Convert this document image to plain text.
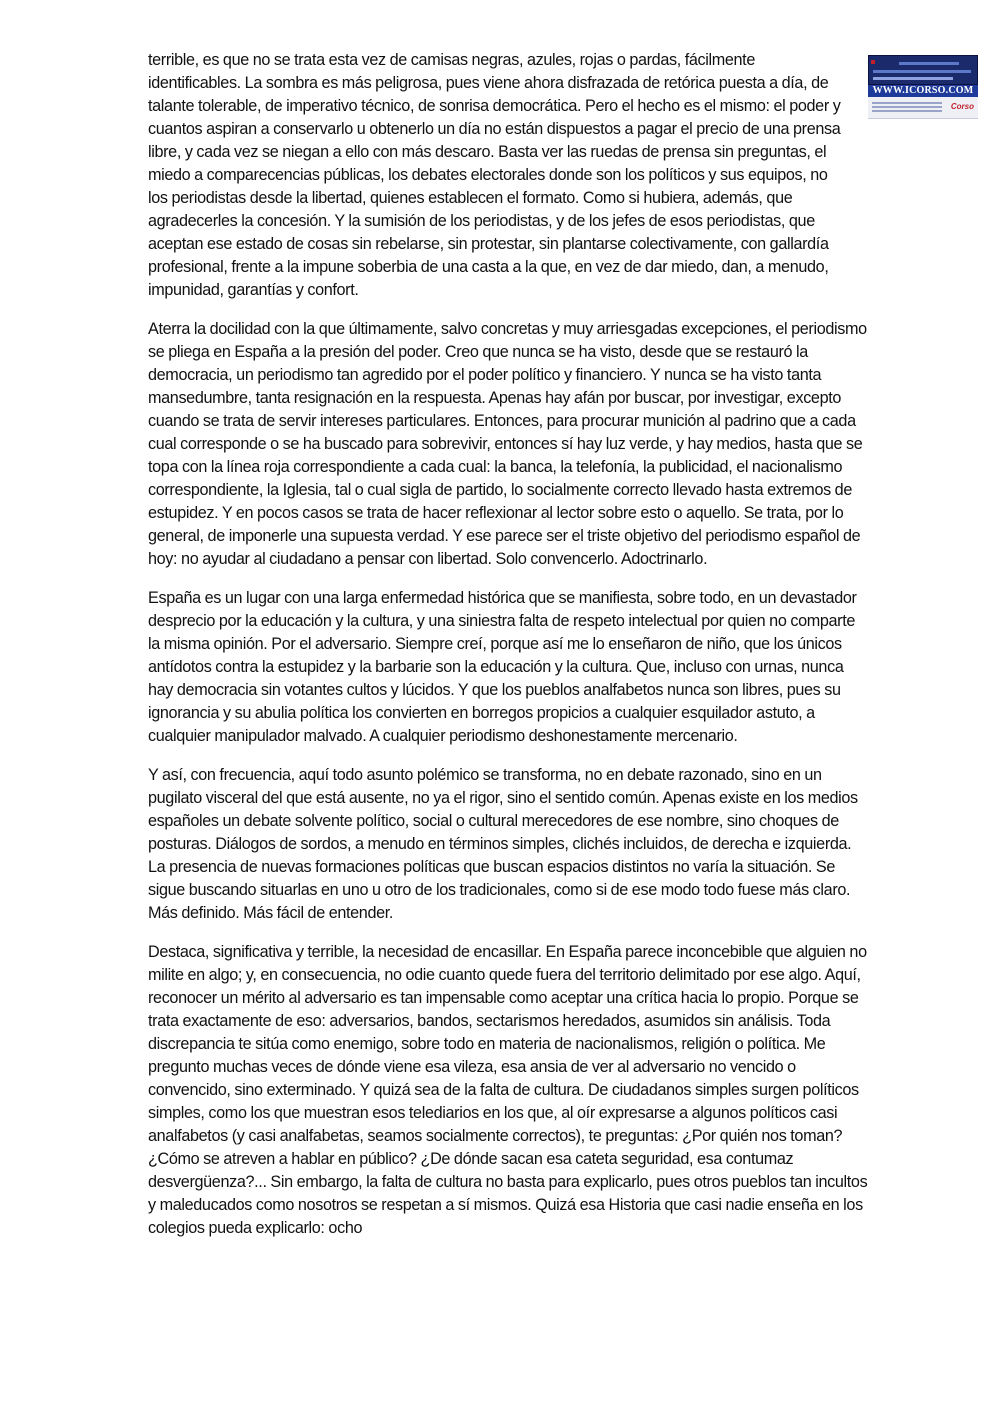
WWW.ICORSO.COM
Corso

terrible, es que no se trata esta vez de camisas negras, azules, rojas o pardas, fácilmente identificables. La sombra es más peligrosa, pues viene ahora disfrazada de retórica puesta a día, de talante tolerable, de imperativo técnico, de sonrisa democrática. Pero el hecho es el mismo: el poder y cuantos aspiran a conservarlo u obtenerlo un día no están dispuestos a pagar el precio de una prensa libre, y cada vez se niegan a ello con más descaro. Basta ver las ruedas de prensa sin preguntas, el miedo a comparecencias públicas, los debates electorales donde son los políticos y sus equipos, no los periodistas desde la libertad, quienes establecen el formato. Como si hubiera, además, que agradecerles la concesión. Y la sumisión de los periodistas, y de los jefes de esos periodistas, que aceptan ese estado de cosas sin rebelarse, sin protestar, sin plantarse colectivamente, con gallardía profesional, frente a la impune soberbia de una casta a la que, en vez de dar miedo, dan, a menudo, impunidad, garantías y confort.

Aterra la docilidad con la que últimamente, salvo concretas y muy arriesgadas excepciones, el periodismo se pliega en España a la presión del poder. Creo que nunca se ha visto, desde que se restauró la democracia, un periodismo tan agredido por el poder político y financiero. Y nunca se ha visto tanta mansedumbre, tanta resignación en la respuesta. Apenas hay afán por buscar, por investigar, excepto cuando se trata de servir intereses particulares. Entonces, para procurar munición al padrino que a cada cual corresponde o se ha buscado para sobrevivir, entonces sí hay luz verde, y hay medios, hasta que se topa con la línea roja correspondiente a cada cual: la banca, la telefonía, la publicidad, el nacionalismo correspondiente, la Iglesia, tal o cual sigla de partido, lo socialmente correcto llevado hasta extremos de estupidez. Y en pocos casos se trata de hacer reflexionar al lector sobre esto o aquello. Se trata, por lo general, de imponerle una supuesta verdad. Y ese parece ser el triste objetivo del periodismo español de hoy: no ayudar al ciudadano a pensar con libertad. Solo convencerlo. Adoctrinarlo.

España es un lugar con una larga enfermedad histórica que se manifiesta, sobre todo, en un devastador desprecio por la educación y la cultura, y una siniestra falta de respeto intelectual por quien no comparte la misma opinión. Por el adversario. Siempre creí, porque así me lo enseñaron de niño, que los únicos antídotos contra la estupidez y la barbarie son la educación y la cultura. Que, incluso con urnas, nunca hay democracia sin votantes cultos y lúcidos. Y que los pueblos analfabetos nunca son libres, pues su ignorancia y su abulia política los convierten en borregos propicios a cualquier esquilador astuto, a cualquier manipulador malvado. A cualquier periodismo deshonestamente mercenario.

Y así, con frecuencia, aquí todo asunto polémico se transforma, no en debate razonado, sino en un pugilato visceral del que está ausente, no ya el rigor, sino el sentido común. Apenas existe en los medios españoles un debate solvente político, social o cultural merecedores de ese nombre, sino choques de posturas. Diálogos de sordos, a menudo en términos simples, clichés incluidos, de derecha e izquierda. La presencia de nuevas formaciones políticas que buscan espacios distintos no varía la situación. Se sigue buscando situarlas en uno u otro de los tradicionales, como si de ese modo todo fuese más claro. Más definido. Más fácil de entender.

Destaca, significativa y terrible, la necesidad de encasillar. En España parece inconcebible que alguien no milite en algo; y, en consecuencia, no odie cuanto quede fuera del territorio delimitado por ese algo. Aquí, reconocer un mérito al adversario es tan impensable como aceptar una crítica hacia lo propio. Porque se trata exactamente de eso: adversarios, bandos, sectarismos heredados, asumidos sin análisis. Toda discrepancia te sitúa como enemigo, sobre todo en materia de nacionalismos, religión o política. Me pregunto muchas veces de dónde viene esa vileza, esa ansia de ver al adversario no vencido o convencido, sino exterminado. Y quizá sea de la falta de cultura. De ciudadanos simples surgen políticos simples, como los que muestran esos telediarios en los que, al oír expresarse a algunos políticos casi analfabetos (y casi analfabetas, seamos socialmente correctos), te preguntas: ¿Por quién nos toman? ¿Cómo se atreven a hablar en público? ¿De dónde sacan esa cateta seguridad, esa contumaz desvergüenza?... Sin embargo, la falta de cultura no basta para explicarlo, pues otros pueblos tan incultos y maleducados como nosotros se respetan a sí mismos. Quizá esa Historia que casi nadie enseña en los colegios pueda explicarlo: ocho
